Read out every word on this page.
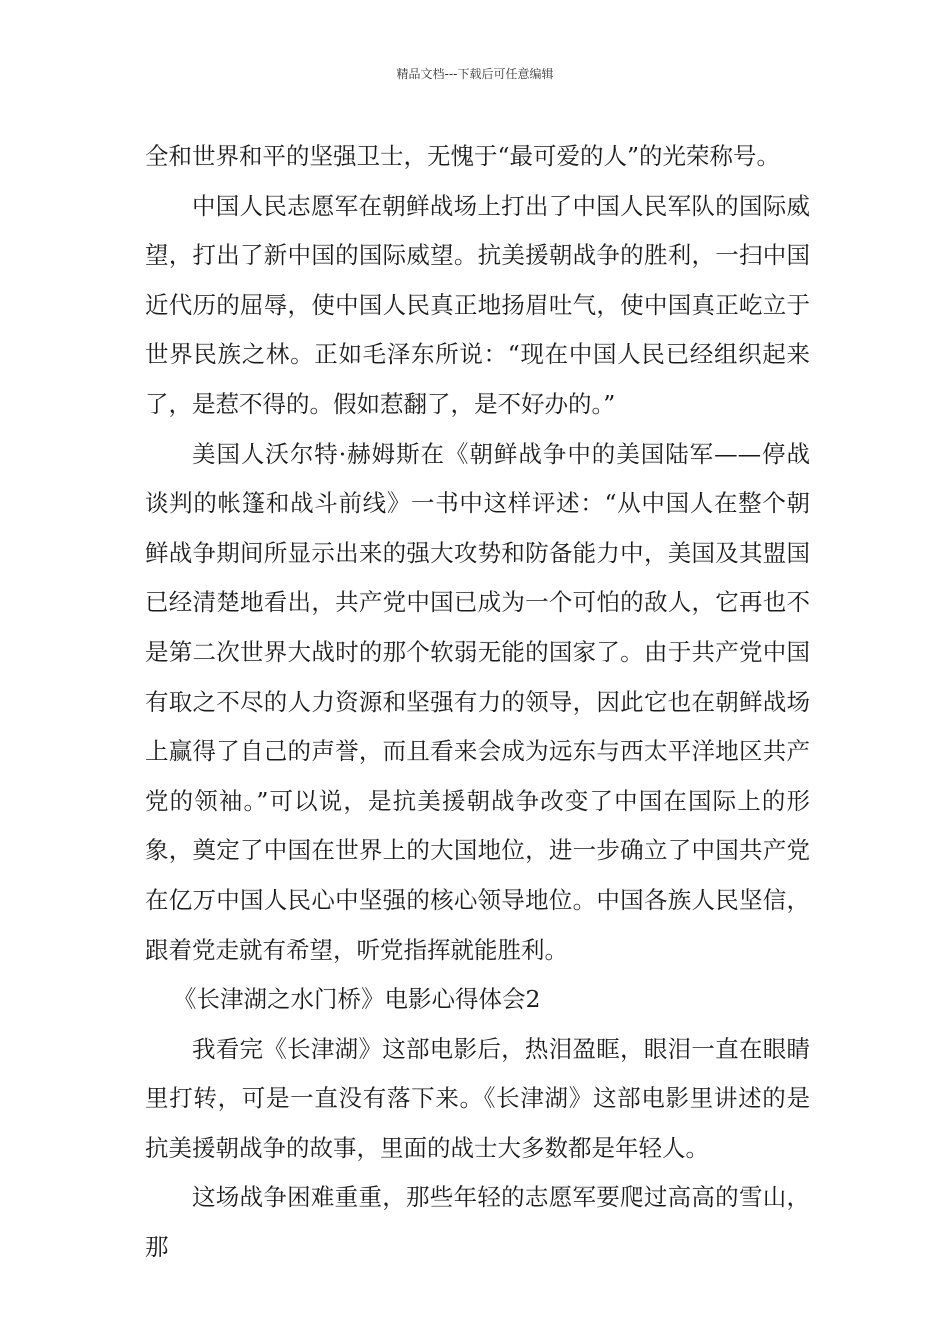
精品文档---下载后可任意编辑

全和世界和平的坚强卫士，无愧于“最可爱的人”的光荣称号。

中国人民志愿军在朝鲜战场上打出了中国人民军队的国际威望，打出了新中国的国际威望。抗美援朝战争的胜利，一扫中国近代历的屈辱，使中国人民真正地扬眉吐气，使中国真正屹立于世界民族之林。正如毛泽东所说：“现在中国人民已经组织起来了，是惹不得的。假如惹翻了，是不好办的。”

美国人沃尔特·赫姆斯在《朝鲜战争中的美国陆军——停战谈判的帐篷和战斗前线》一书中这样评述：“从中国人在整个朝鲜战争期间所显示出来的强大攻势和防备能力中，美国及其盟国已经清楚地看出，共产党中国已成为一个可怕的敌人，它再也不是第二次世界大战时的那个软弱无能的国家了。由于共产党中国有取之不尽的人力资源和坚强有力的领导，因此它也在朝鲜战场上赢得了自己的声誉，而且看来会成为远东与西太平洋地区共产党的领袖。”可以说，是抗美援朝战争改变了中国在国际上的形象，奠定了中国在世界上的大国地位，进一步确立了中国共产党在亿万中国人民心中坚强的核心领导地位。中国各族人民坚信，跟着党走就有希望，听党指挥就能胜利。

《长津湖之水门桥》电影心得体会2

我看完《长津湖》这部电影后，热泪盈眶，眼泪一直在眼睛里打转，可是一直没有落下来。《长津湖》这部电影里讲述的是抗美援朝战争的故事，里面的战士大多数都是年轻人。

这场战争困难重重，那些年轻的志愿军要爬过高高的雪山，那
